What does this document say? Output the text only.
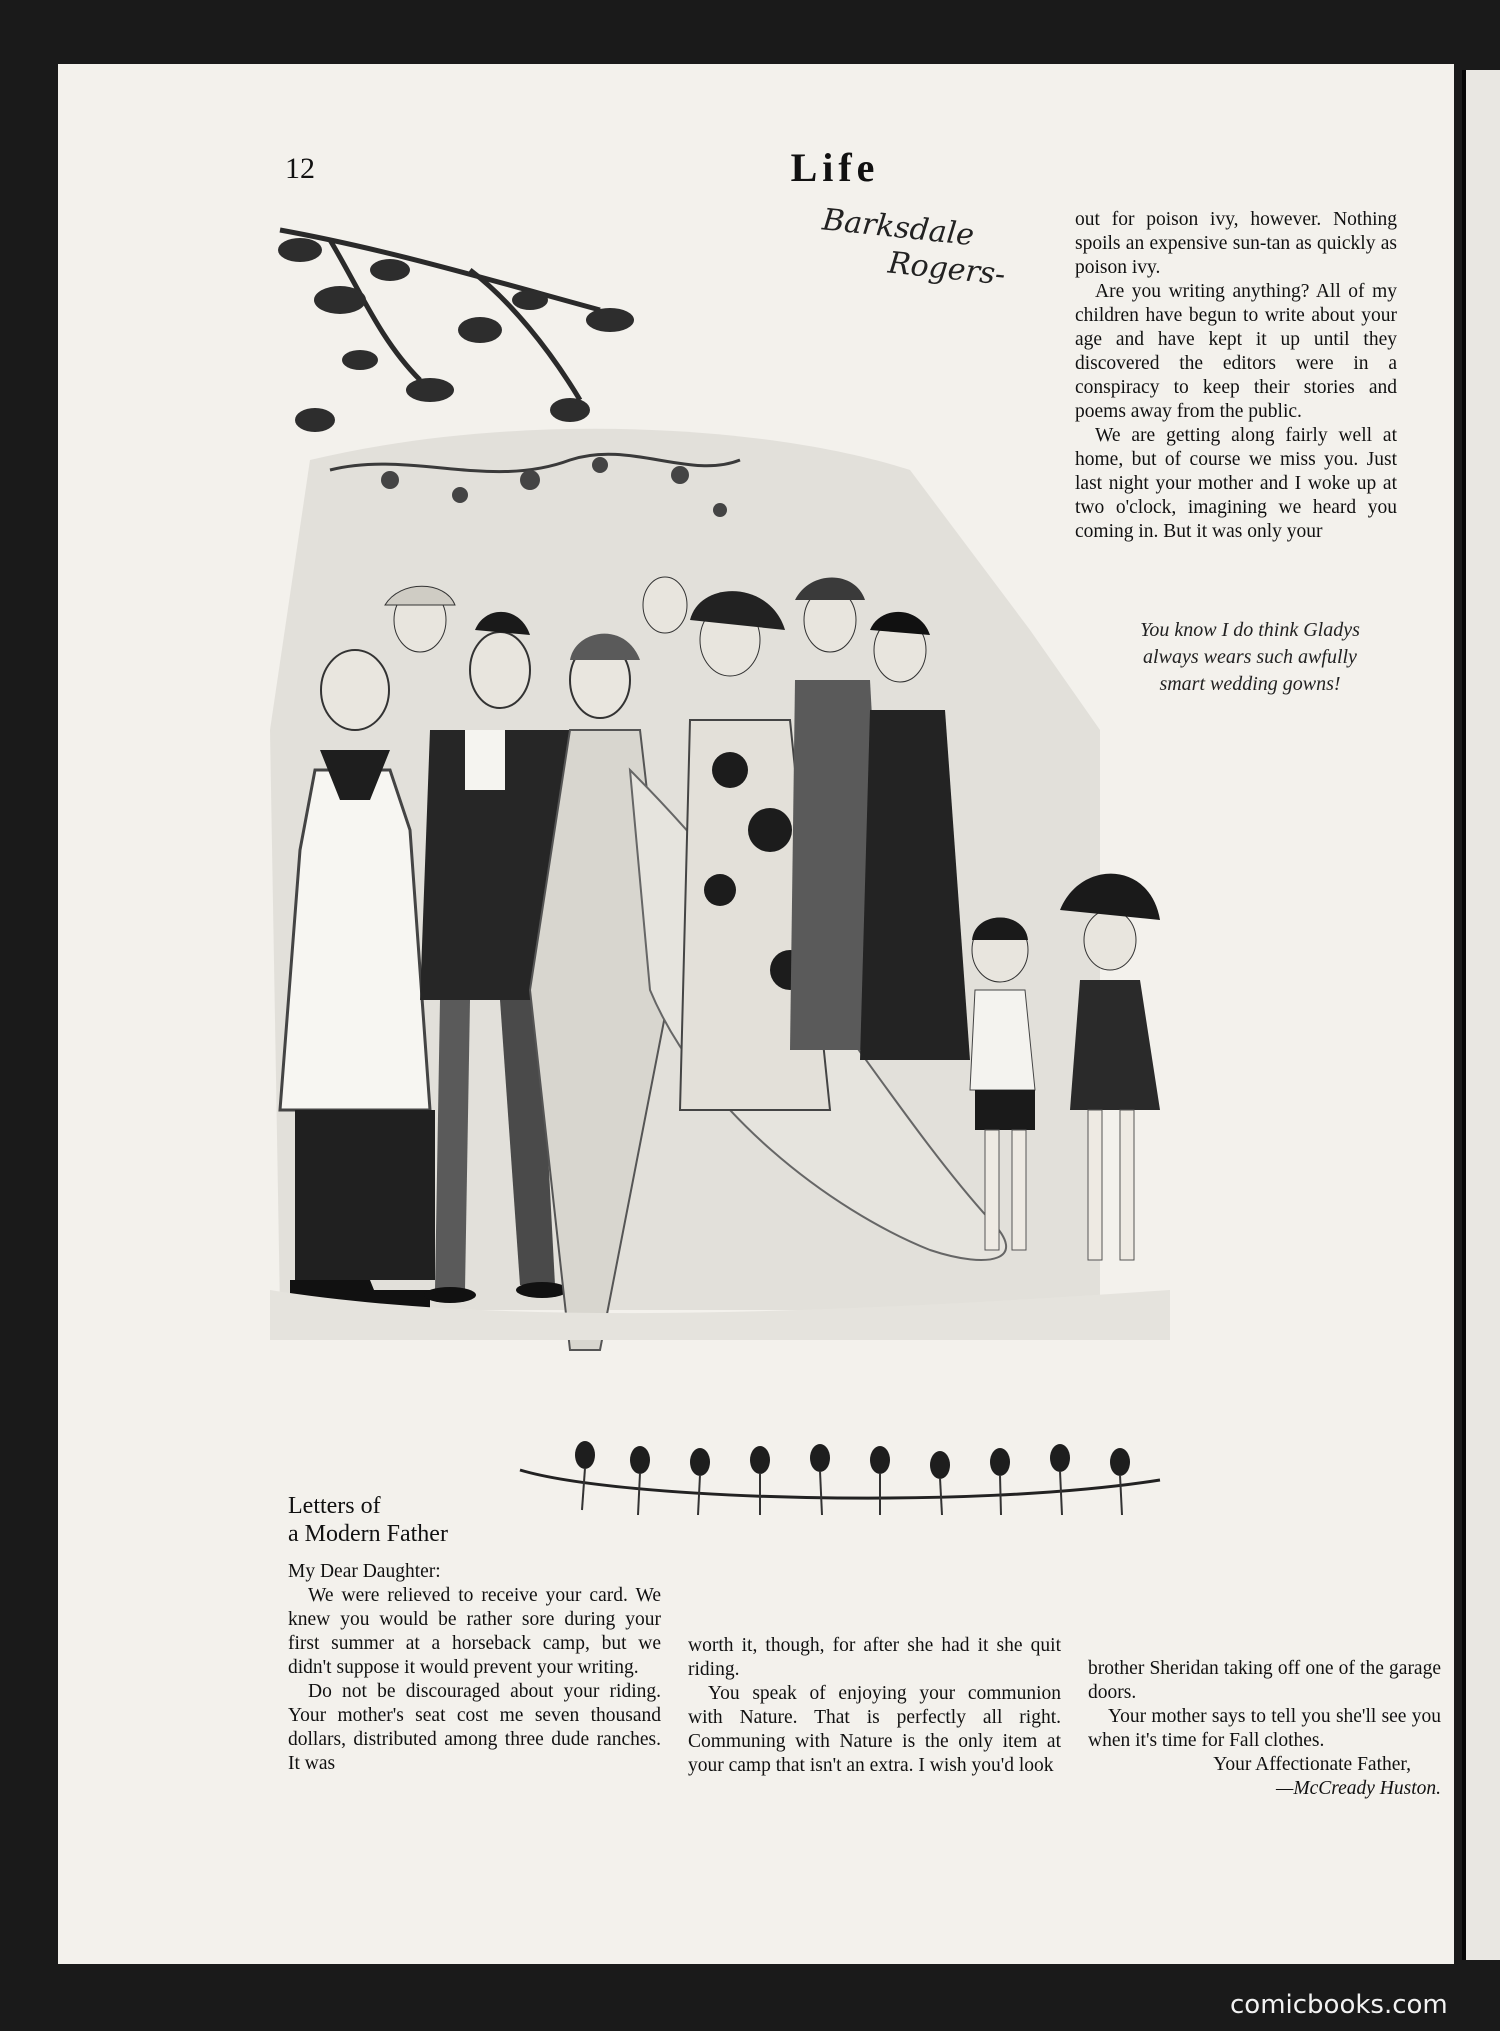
12	Life
Barksdale
Rogers-
You know I do think Gladys
always wears such awfully
smart wedding gowns!

out for poison ivy, however. Nothing spoils an expensive sun-tan as quickly as poison ivy.

Are you writing anything? All of my children have begun to write about your age and have kept it up until they discovered the editors were in a conspiracy to keep their stories and poems away from the public.

We are getting along fairly well at home, but of course we miss you. Just last night your mother and I woke up at two o'clock, imagining we heard you coming in. But it was only your

Letters of
a Modern Father

My Dear Daughter:

We were relieved to receive your card. We knew you would be rather sore during your first summer at a horseback camp, but we didn't suppose it would prevent your writing.

Do not be discouraged about your riding. Your mother's seat cost me seven thousand dollars, distributed among three dude ranches. It was

worth it, though, for after she had it she quit riding.

You speak of enjoying your communion with Nature. That is perfectly all right. Communing with Nature is the only item at your camp that isn't an extra. I wish you'd look

brother Sheridan taking off one of the garage doors.

Your mother says to tell you she'll see you when it's time for Fall clothes.

Your Affectionate Father,

—McCready Huston.

comicbooks.com
